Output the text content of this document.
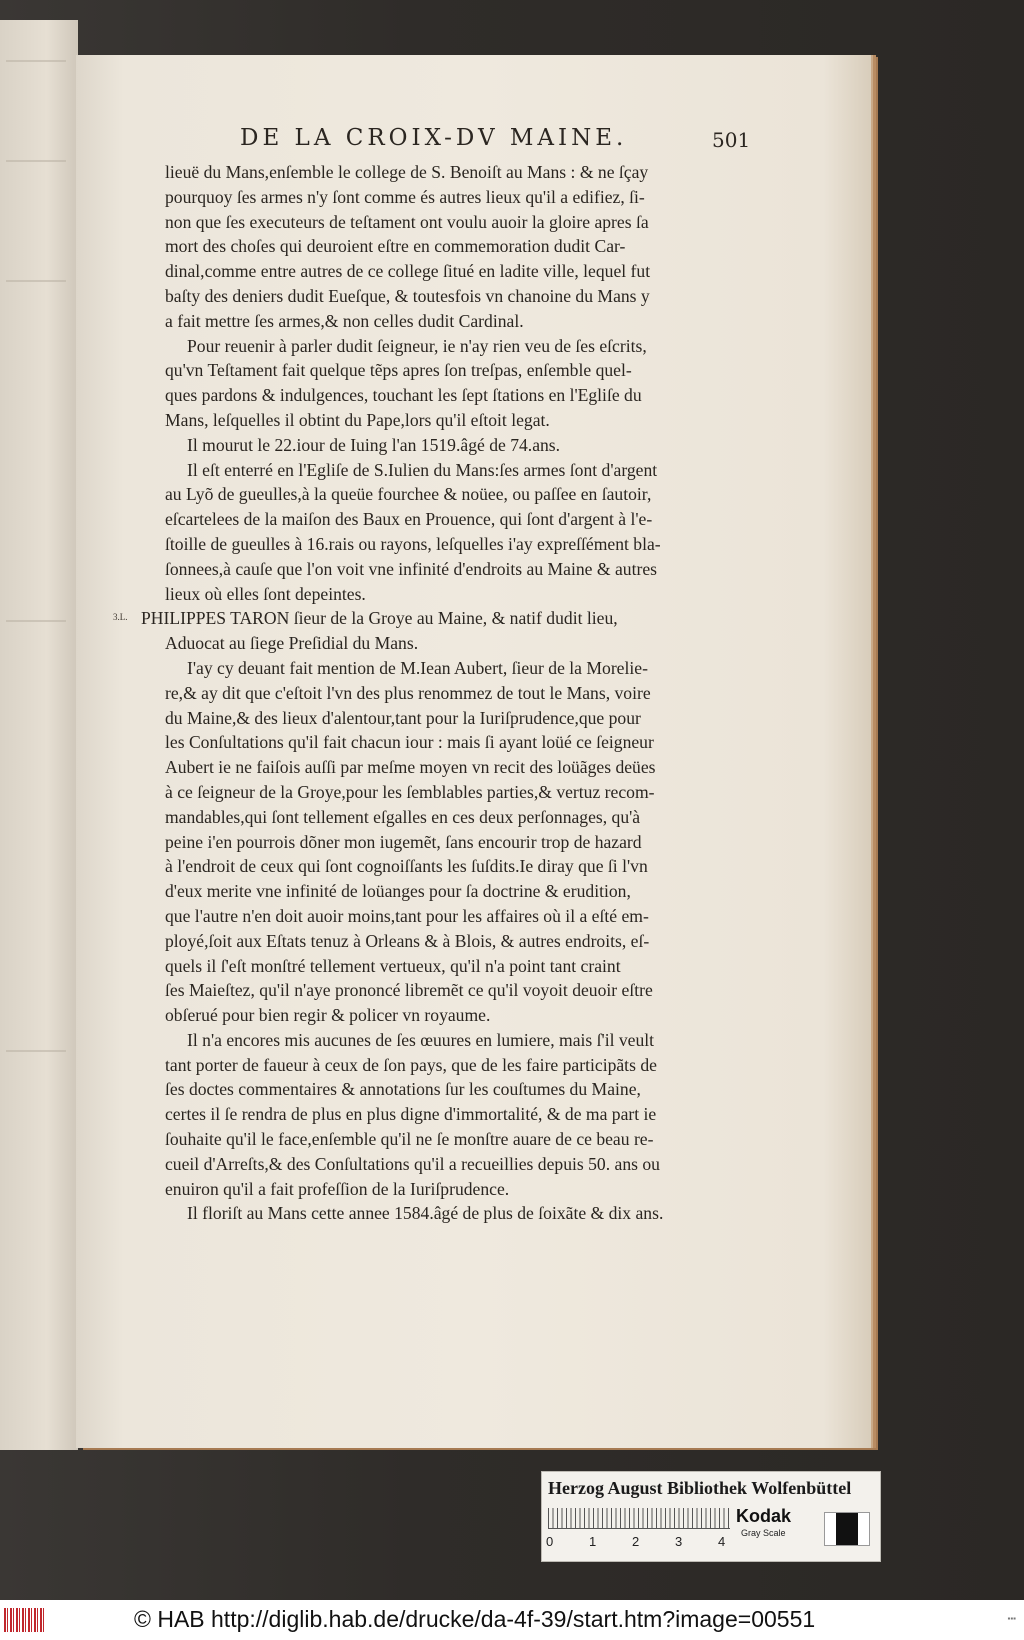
DE LA CROIX-DV MAINE.	501
3.L.
lieuë du Mans,enſemble le college de S. Benoiſt au Mans : & ne ſçay
pourquoy ſes armes n'y ſont comme és autres lieux qu'il a edifiez, ſi-
non que ſes executeurs de teſtament ont voulu auoir la gloire apres ſa
mort des choſes qui deuroient eſtre en commemoration dudit Car-
dinal,comme entre autres de ce college ſitué en ladite ville, lequel fut
baſty des deniers dudit Eueſque, & toutesfois vn chanoine du Mans y
a fait mettre ſes armes,& non celles dudit Cardinal.
Pour reuenir à parler dudit ſeigneur, ie n'ay rien veu de ſes eſcrits,
qu'vn Teſtament fait quelque tẽps apres ſon treſpas, enſemble quel-
ques pardons & indulgences, touchant les ſept ſtations en l'Egliſe du
Mans, leſquelles il obtint du Pape,lors qu'il eſtoit legat.
Il mourut le 22.iour de Iuing l'an 1519.âgé de 74.ans.
Il eſt enterré en l'Egliſe de S.Iulien du Mans:ſes armes ſont d'argent
au Lyõ de gueulles,à la queüe fourchee & noüee, ou paſſee en ſautoir,
eſcartelees de la maiſon des Baux en Prouence, qui ſont d'argent à l'e-
ſtoille de gueulles à 16.rais ou rayons, leſquelles i'ay expreſſément bla-
ſonnees,à cauſe que l'on voit vne infinité d'endroits au Maine & autres
lieux où elles ſont depeintes.
PHILIPPES TARON ſieur de la Groye au Maine, & natif dudit lieu,
Aduocat au ſiege Preſidial du Mans.
I'ay cy deuant fait mention de M.Iean Aubert, ſieur de la Morelie-
re,& ay dit que c'eſtoit l'vn des plus renommez de tout le Mans, voire
du Maine,& des lieux d'alentour,tant pour la Iuriſprudence,que pour
les Conſultations qu'il fait chacun iour : mais ſi ayant loüé ce ſeigneur
Aubert ie ne faiſois auſſi par meſme moyen vn recit des loüãges deües
à ce ſeigneur de la Groye,pour les ſemblables parties,& vertuz recom-
mandables,qui ſont tellement eſgalles en ces deux perſonnages, qu'à
peine i'en pourrois dõner mon iugemẽt, ſans encourir trop de hazard
à l'endroit de ceux qui ſont cognoiſſants les ſuſdits.Ie diray que ſi l'vn
d'eux merite vne infinité de loüanges pour ſa doctrine & erudition,
que l'autre n'en doit auoir moins,tant pour les affaires où il a eſté em-
ployé,ſoit aux Eſtats tenuz à Orleans & à Blois, & autres endroits, eſ-
quels il ſ'eſt monſtré tellement vertueux, qu'il n'a point tant craint
ſes Maieſtez, qu'il n'aye prononcé libremẽt ce qu'il voyoit deuoir eſtre
obſerué pour bien regir & policer vn royaume.
Il n'a encores mis aucunes de ſes œuures en lumiere, mais ſ'il veult
tant porter de faueur à ceux de ſon pays, que de les faire participãts de
ſes doctes commentaires & annotations ſur les couſtumes du Maine,
certes il ſe rendra de plus en plus digne d'immortalité, & de ma part ie
ſouhaite qu'il le face,enſemble qu'il ne ſe monſtre auare de ce beau re-
cueil d'Arreſts,& des Conſultations qu'il a recueillies depuis 50. ans ou
enuiron qu'il a fait profeſſion de la Iuriſprudence.
Il floriſt au Mans cette annee 1584.âgé de plus de ſoixãte & dix ans.
Herzog August Bibliothek Wolfenbüttel
0	1	2	3	4
Kodak
Gray Scale
© HAB http://diglib.hab.de/drucke/da-4f-39/start.htm?image=00551	▪▪▪
